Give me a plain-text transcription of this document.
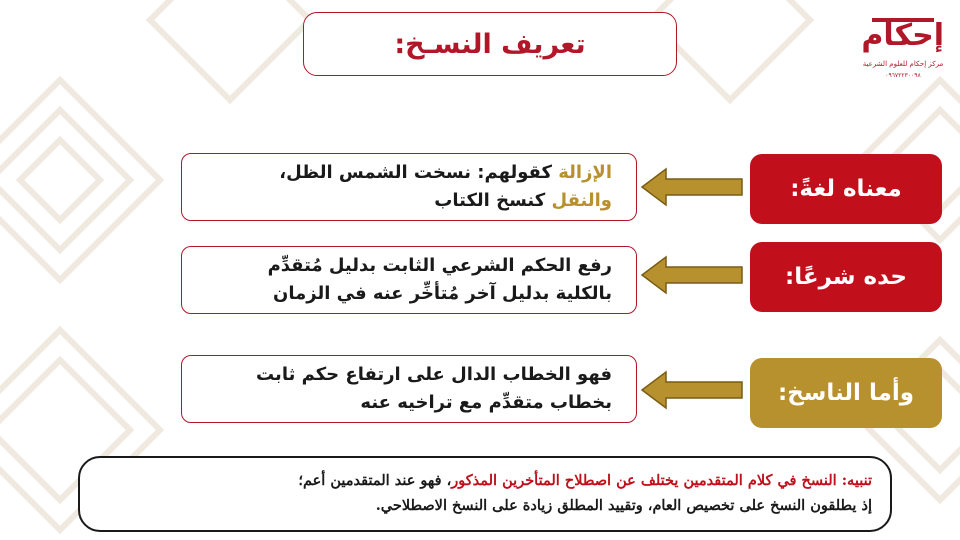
تعريف النسـخ:	إحكام
مركز إحكام للعلوم الشرعية
٠٩٦٧٢٢٣٠٠٩٨
معناه لغةً:
الإزالة كقولهم: نسخت الشمس الظل،
والنقل كنسخ الكتاب
حده شرعًا:
رفع الحكم الشرعي الثابت بدليل مُتقدِّم
بالكلية بدليل آخر مُتأخِّر عنه في الزمان
وأما الناسخ:
فهو الخطاب الدال على ارتفاع حكم ثابت
بخطاب متقدِّم مع تراخيه عنه
تنبيه: النسخ في كلام المتقدمين يختلف عن اصطلاح المتأخرين المذكور، فهو عند المتقدمين أعم؛
إذ يطلقون النسخ على تخصيص العام، وتقييد المطلق زيادة على النسخ الاصطلاحي.
